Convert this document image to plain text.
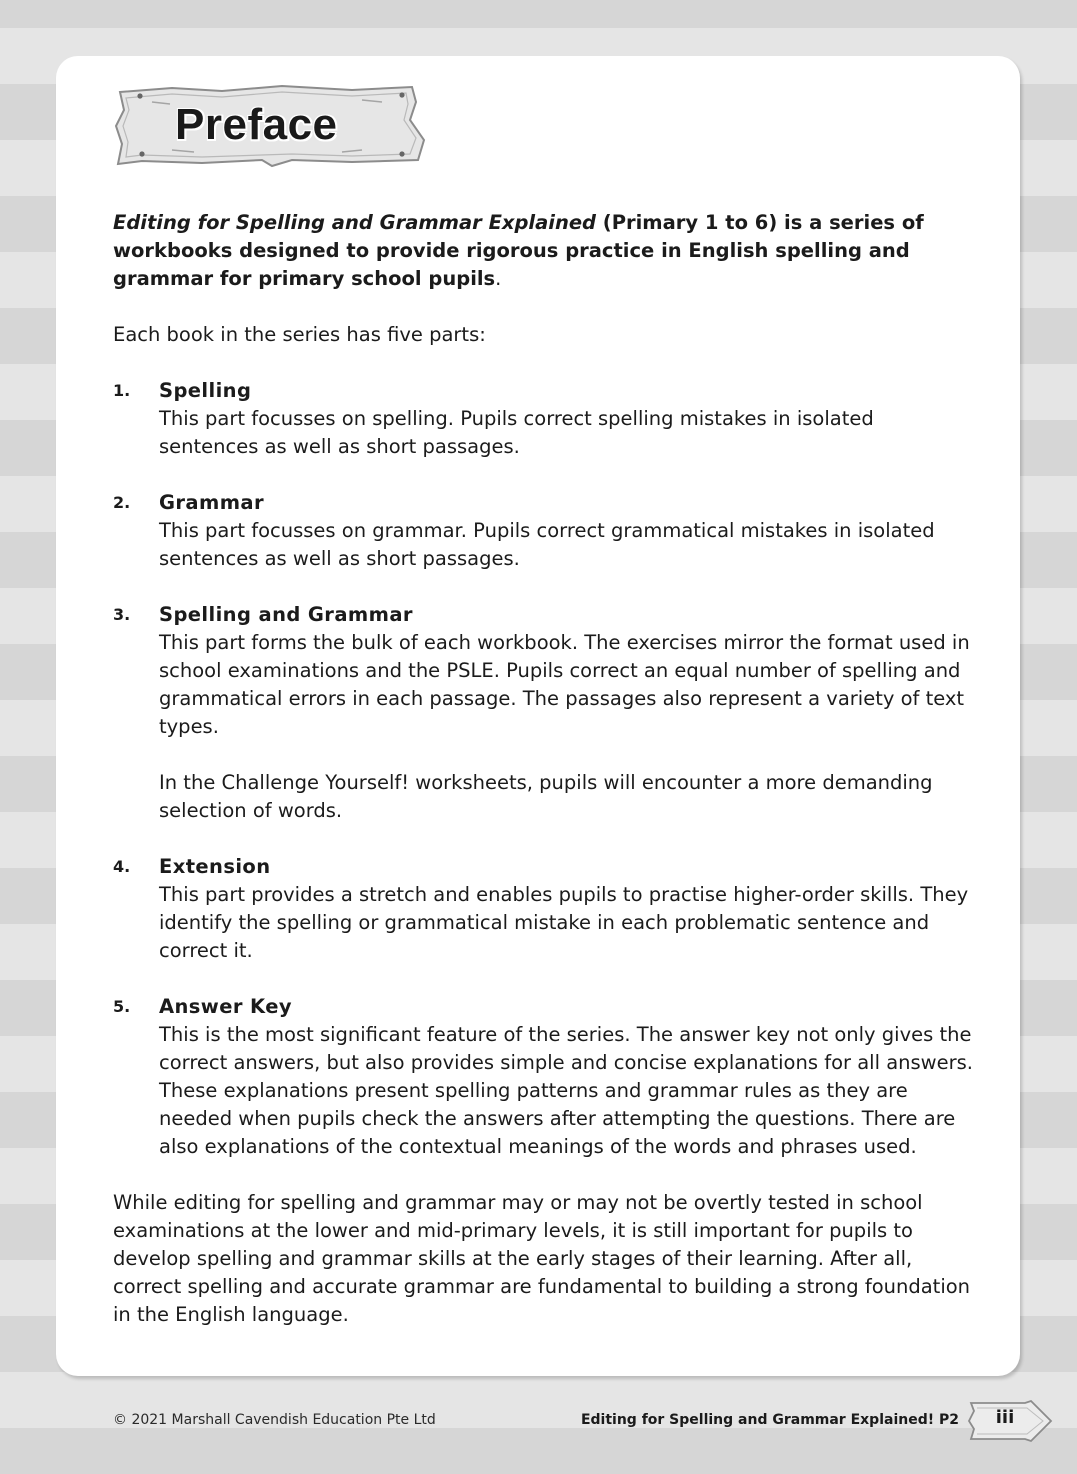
Preface

Editing for Spelling and Grammar Explained (Primary 1 to 6) is a series of workbooks designed to provide rigorous practice in English spelling and grammar for primary school pupils.

Each book in the series has five parts:

1. Spelling

This part focusses on spelling. Pupils correct spelling mistakes in isolated sentences as well as short passages.

2. Grammar

This part focusses on grammar. Pupils correct grammatical mistakes in isolated sentences as well as short passages.

3. Spelling and Grammar

This part forms the bulk of each workbook. The exercises mirror the format used in school examinations and the PSLE. Pupils correct an equal number of spelling and grammatical errors in each passage. The passages also represent a variety of text types.

In the Challenge Yourself! worksheets, pupils will encounter a more demanding selection of words.

4. Extension

This part provides a stretch and enables pupils to practise higher-order skills. They identify the spelling or grammatical mistake in each problematic sentence and correct it.

5. Answer Key

This is the most significant feature of the series. The answer key not only gives the correct answers, but also provides simple and concise explanations for all answers. These explanations present spelling patterns and grammar rules as they are needed when pupils check the answers after attempting the questions. There are also explanations of the contextual meanings of the words and phrases used.

While editing for spelling and grammar may or may not be overtly tested in school examinations at the lower and mid-primary levels, it is still important for pupils to develop spelling and grammar skills at the early stages of their learning. After all, correct spelling and accurate grammar are fundamental to building a strong foundation in the English language.

© 2021 Marshall Cavendish Education Pte Ltd	Editing for Spelling and Grammar Explained! P2	iii
